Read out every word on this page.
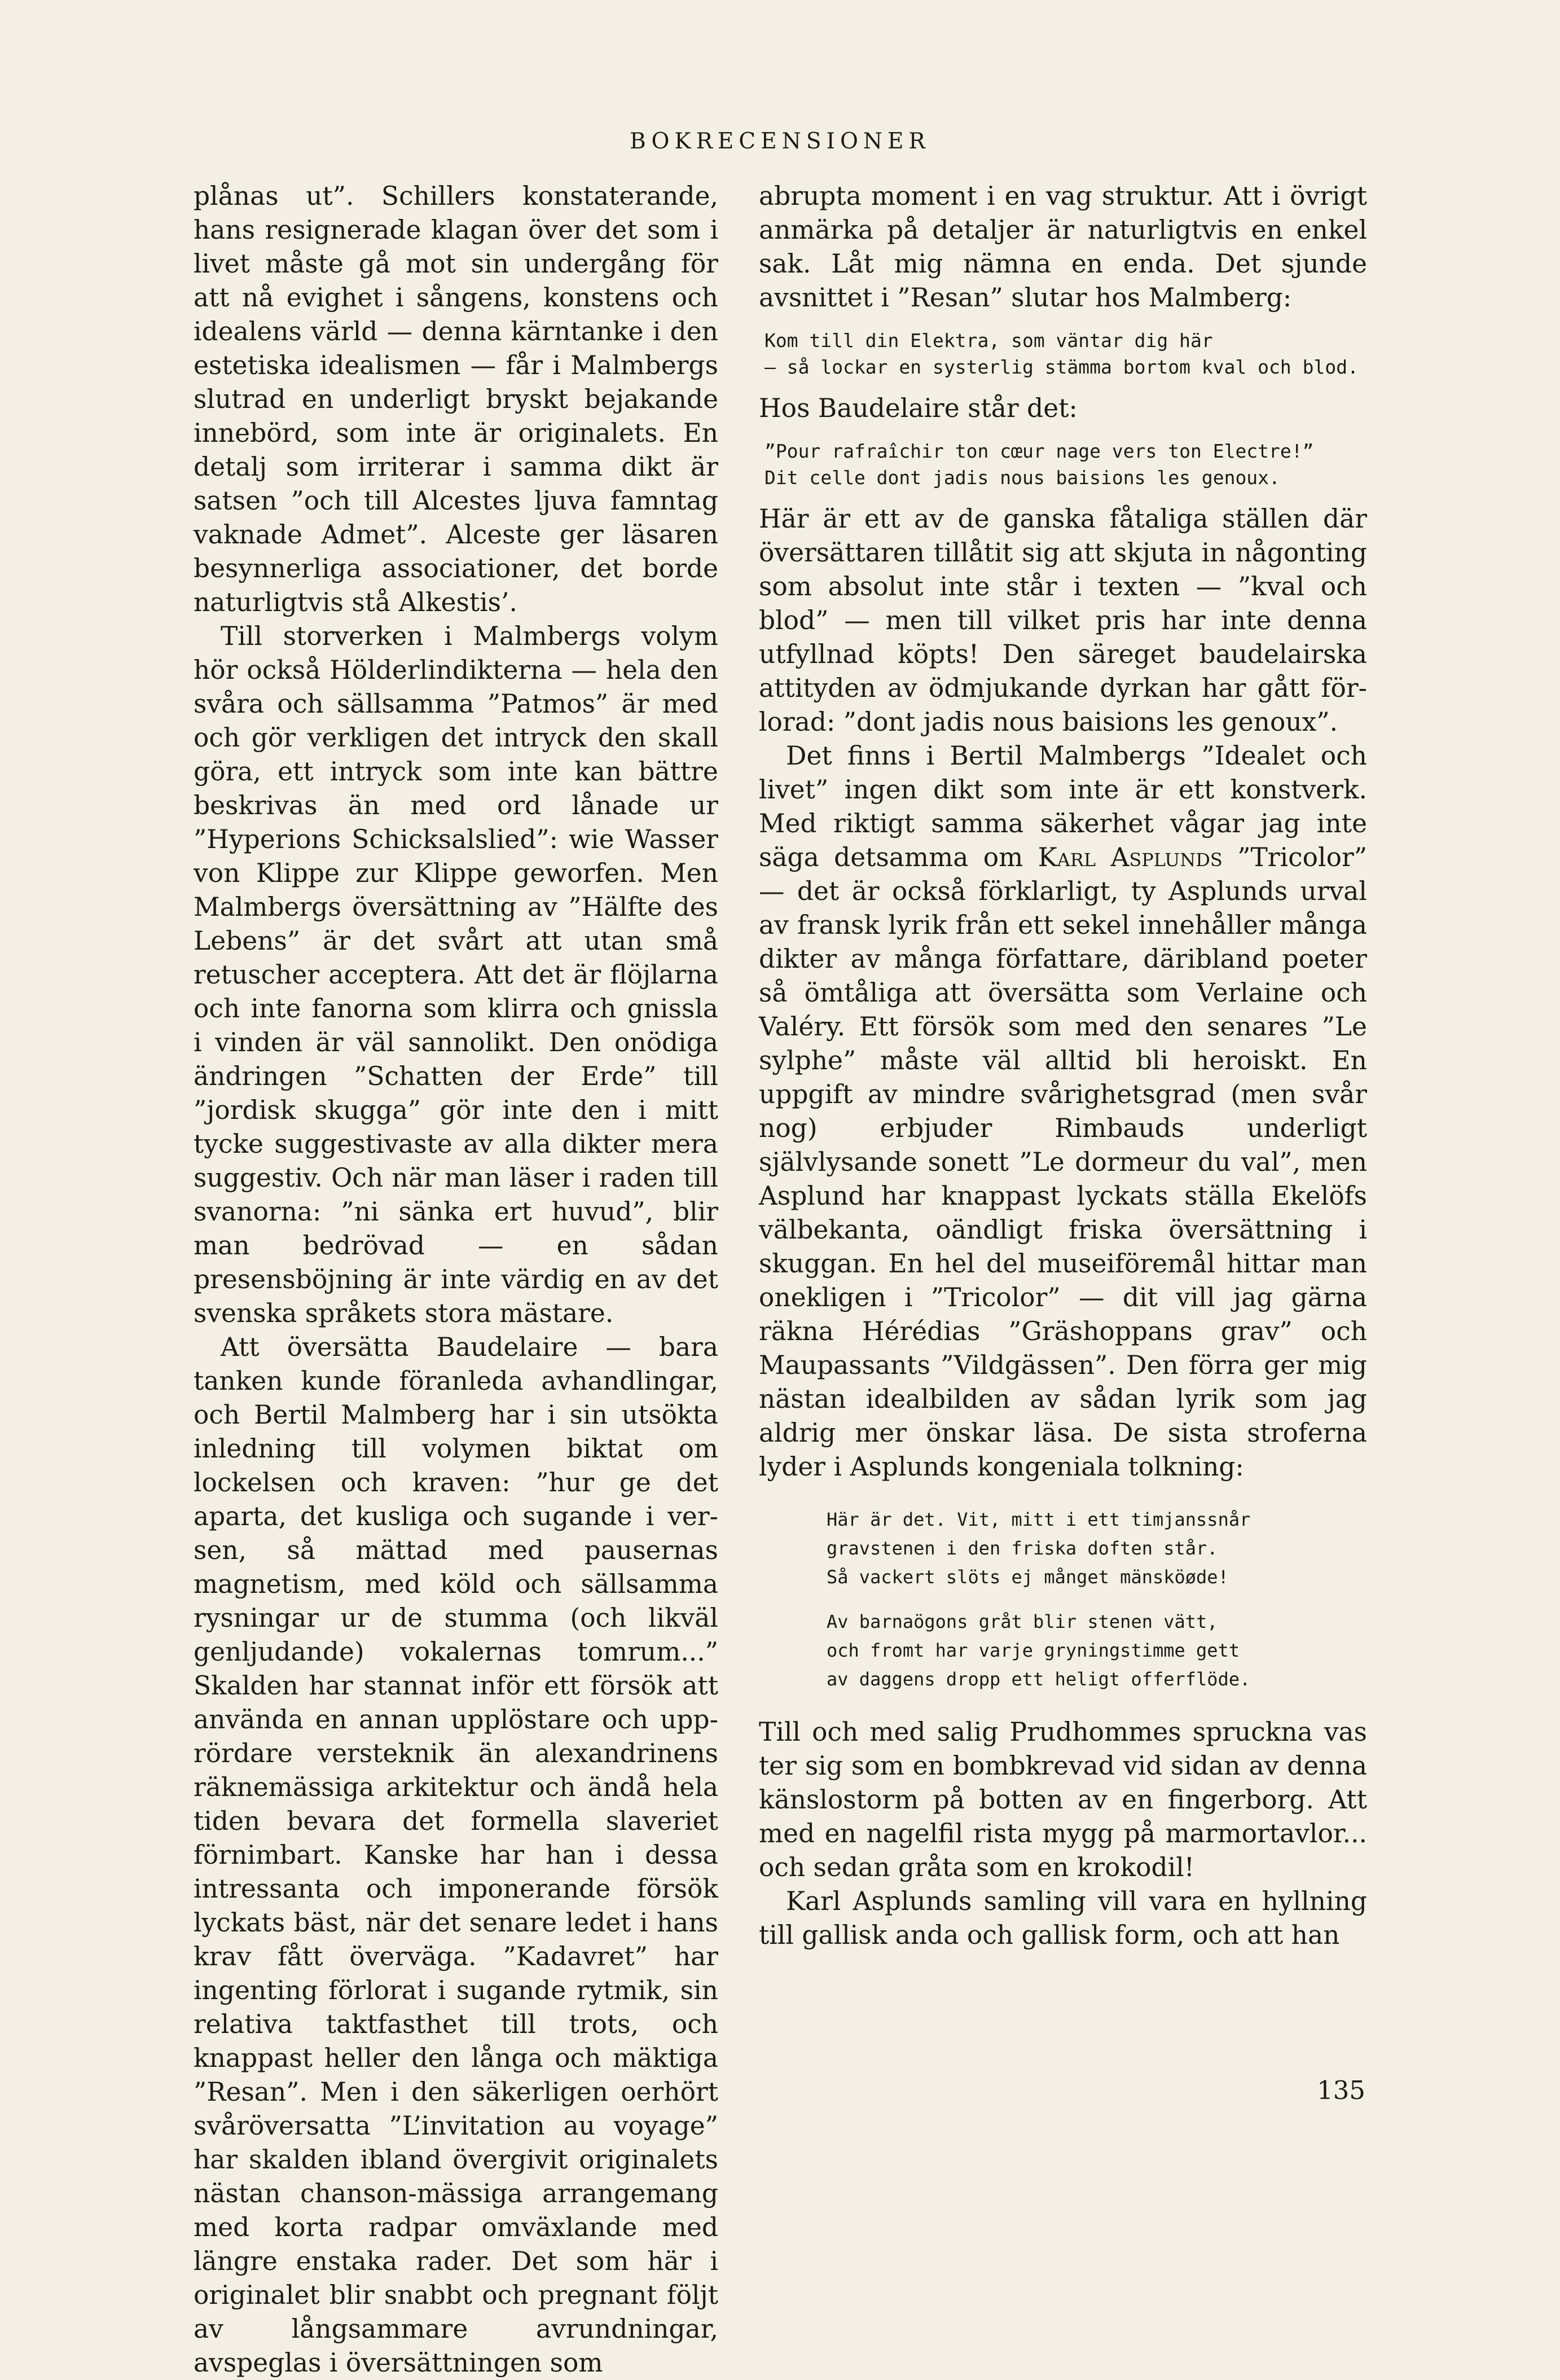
BOKRECENSIONER

plånas ut”. Schillers konstaterande, hans resignerade klagan över det som i livet måste gå mot sin undergång för att nå evighet i sångens, konstens och idealens värld — denna kärntanke i den estetiska idealismen — får i Malmbergs slutrad en underligt bryskt bejakande innebörd, som inte är originalets. En detalj som irriterar i samma dikt är satsen ”och till Alcestes ljuva famntag vaknade Admet”. Alceste ger läsaren besynnerliga associationer, det borde naturligtvis stå Alkestis’.

Till storverken i Malmbergs volym hör också Hölderlindikterna — hela den svåra och sällsamma ”Patmos” är med och gör verkligen det intryck den skall göra, ett intryck som inte kan bättre beskrivas än med ord lånade ur ”Hyperions Schicksalslied”: wie Wasser von Klippe zur Klippe geworfen. Men Malmbergs översättning av ”Hälfte des Lebens” är det svårt att utan små retuscher acceptera. Att det är flöjlarna och inte fanorna som klirra och gnissla i vinden är väl sannolikt. Den onödiga ändringen ”Schatten der Erde” till ”jordisk skugga” gör inte den i mitt tycke suggestivaste av alla dikter mera suggestiv. Och när man läser i raden till svanorna: ”ni sänka ert huvud”, blir man bedrövad — en sådan presensböjning är inte värdig en av det svenska språkets stora mästare.

Att översätta Baudelaire — bara tanken kunde föranleda avhandlingar, och Bertil Malmberg har i sin utsökta inledning till volymen biktat om lockelsen och kraven: ”hur ge det aparta, det kusliga och sugande i versen, så mättad med pausernas magnetism, med köld och sällsamma rysningar ur de stumma (och likväl genljudande) vokalernas tomrum...” Skalden har stannat inför ett försök att använda en annan upplöstare och upprördare versteknik än alexandrinens räknemässiga arkitektur och ändå hela tiden bevara det formella slaveriet förnimbart. Kanske har han i dessa intressanta och imponerande försök lyckats bäst, när det senare ledet i hans krav fått överväga. ”Kadavret” har ingenting förlorat i sugande rytmik, sin relativa taktfasthet till trots, och knappast heller den långa och mäktiga ”Resan”. Men i den säkerligen oerhört svåröversatta ”L’invitation au voyage” har skalden ibland övergivit originalets nästan chanson-mässiga arrangemang med korta radpar omväxlande med längre enstaka rader. Det som här i originalet blir snabbt och pregnant följt av långsammare avrundningar, avspeglas i översättningen som

abrupta moment i en vag struktur. Att i övrigt anmärka på detaljer är naturligtvis en enkel sak. Låt mig nämna en enda. Det sjunde avsnittet i ”Resan” slutar hos Malmberg:

Kom till din Elektra, som väntar dig här
— så lockar en systerlig stämma bortom kval och blod.

Hos Baudelaire står det:

”Pour rafraîchir ton cœur nage vers ton Electre!”
Dit celle dont jadis nous baisions les genoux.

Här är ett av de ganska fåtaliga ställen där översättaren tillåtit sig att skjuta in någonting som absolut inte står i texten — ”kval och blod” — men till vilket pris har inte denna utfyllnad köpts! Den säreget baudelairska attityden av ödmjukande dyrkan har gått förlorad: ”dont jadis nous baisions les genoux”.

Det finns i Bertil Malmbergs ”Idealet och livet” ingen dikt som inte är ett konstverk. Med riktigt samma säkerhet vågar jag inte säga detsamma om Karl Asplunds ”Tricolor” — det är också förklarligt, ty Asplunds urval av fransk lyrik från ett sekel innehåller många dikter av många författare, däribland poeter så ömtåliga att översätta som Verlaine och Valéry. Ett försök som med den senares ”Le sylphe” måste väl alltid bli heroiskt. En uppgift av mindre svårighetsgrad (men svår nog) erbjuder Rimbauds underligt självlysande sonett ”Le dormeur du val”, men Asplund har knappast lyckats ställa Ekelöfs välbekanta, oändligt friska översättning i skuggan. En hel del museiföremål hittar man onekligen i ”Tricolor” — dit vill jag gärna räkna Hérédias ”Gräshoppans grav” och Maupassants ”Vildgässen”. Den förra ger mig nästan idealbilden av sådan lyrik som jag aldrig mer önskar läsa. De sista stroferna lyder i Asplunds kongeniala tolkning:

Här är det. Vit, mitt i ett timjanssnår
gravstenen i den friska doften står.
Så vackert slöts ej månget mänsköøde!
Av barnaögons gråt blir stenen vätt,
och fromt har varje gryningstimme gett
av daggens dropp ett heligt offerflöde.

Till och med salig Prudhommes spruckna vas ter sig som en bombkrevad vid sidan av denna känslostorm på botten av en fingerborg. Att med en nagelfil rista mygg på marmortavlor... och sedan gråta som en krokodil!

Karl Asplunds samling vill vara en hyllning till gallisk anda och gallisk form, och att han

135
